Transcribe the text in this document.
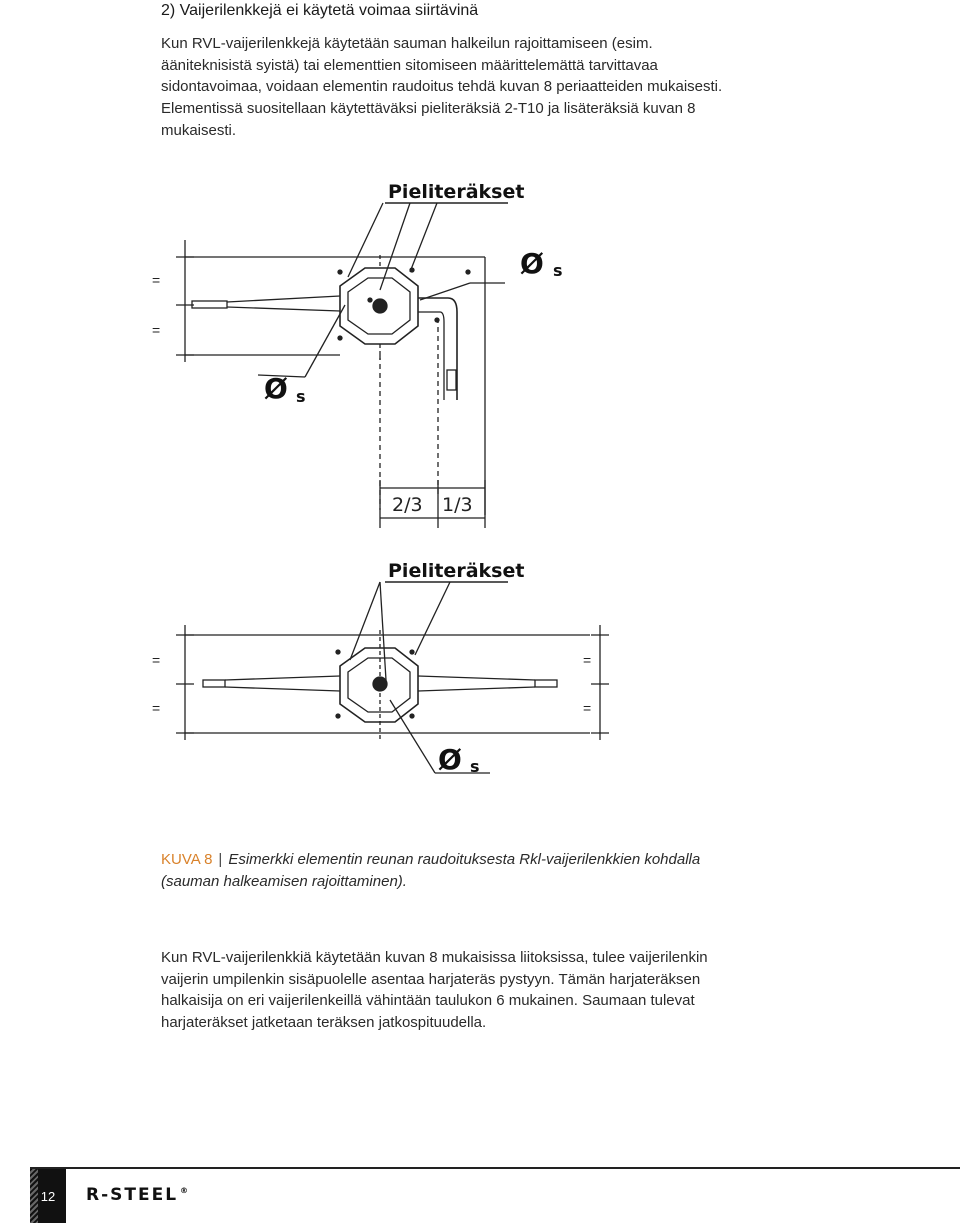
2) Vaijerilenkkejä ei käytetä voimaa siirtävinä

Kun RVL-vaijerilenkkejä käytetään sauman halkeilun rajoittamiseen (esim. ääniteknisistä syistä) tai elementtien sitomiseen määrittelemättä tarvittavaa sidontavoimaa, voidaan elementin raudoitus tehdä kuvan 8 periaatteiden mukaisesti. Elementissä suositellaan käytettäväksi pieliteräksiä 2-T10 ja lisäteräksiä kuvan 8 mukaisesti.

Pieliteräkset
=
=
Ø s
Ø s
2/3 1/3
Pieliteräkset
=
=
=
=
Ø s
KUVA 8 | Esimerkki elementin reunan raudoituksesta Rkl-vaijerilenkkien kohdalla (sauman halkeamisen rajoittaminen).

Kun RVL-vaijerilenkkiä käytetään kuvan 8 mukaisissa liitoksissa, tulee vaijerilenkin vaijerin umpilenkin sisäpuolelle asentaa harjateräs pystyyn. Tämän harjateräksen halkaisija on eri vaijerilenkeillä vähintään taulukon 6 mukainen. Saumaan tulevat harjateräkset jatketaan teräksen jatkospituudella.

12 R-STEEL ®
